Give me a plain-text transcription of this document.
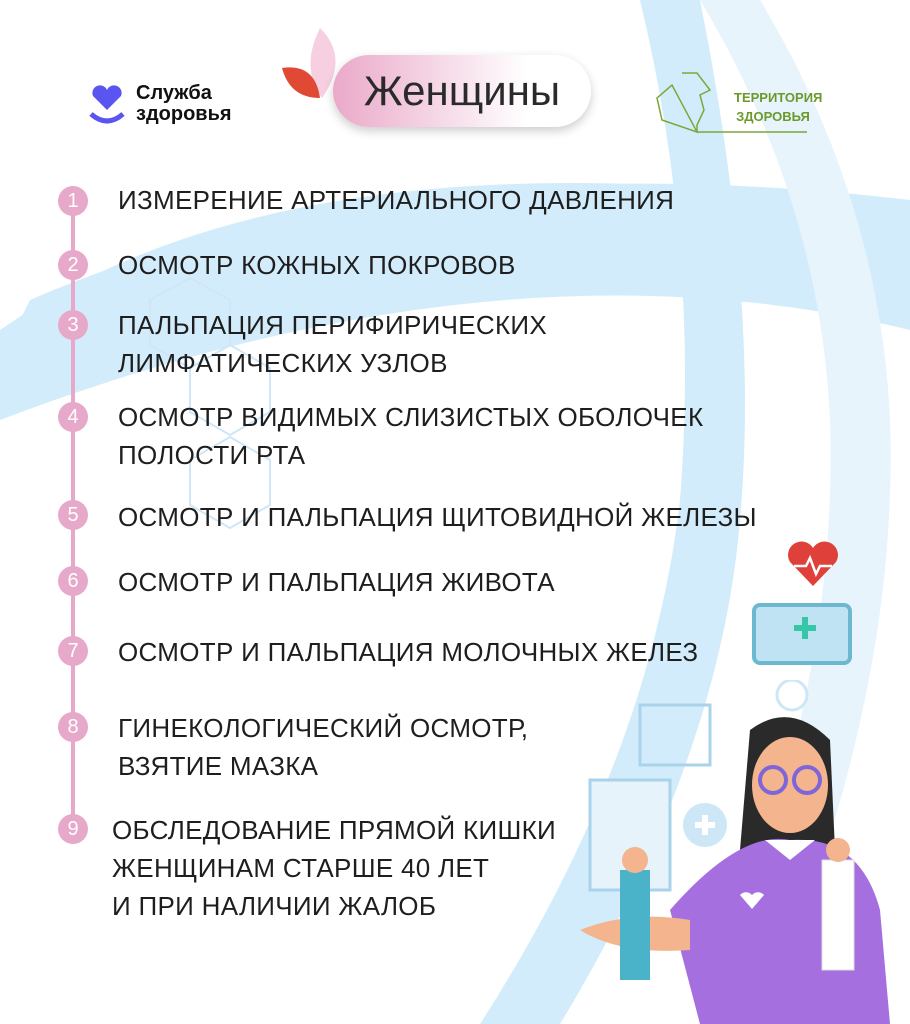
Служба здоровья	Женщины	ТЕРРИТОРИЯ ЗДОРОВЬЯ
1	ИЗМЕРЕНИЕ АРТЕРИАЛЬНОГО ДАВЛЕНИЯ
2	ОСМОТР КОЖНЫХ ПОКРОВОВ
3	ПАЛЬПАЦИЯ ПЕРИФИРИЧЕСКИХ
ЛИМФАТИЧЕСКИХ УЗЛОВ
4	ОСМОТР ВИДИМЫХ СЛИЗИСТЫХ ОБОЛОЧЕК
ПОЛОСТИ РТА
5	ОСМОТР И ПАЛЬПАЦИЯ ЩИТОВИДНОЙ ЖЕЛЕЗЫ
6	ОСМОТР И ПАЛЬПАЦИЯ ЖИВОТА
7	ОСМОТР И ПАЛЬПАЦИЯ МОЛОЧНЫХ ЖЕЛЕЗ
8	ГИНЕКОЛОГИЧЕСКИЙ ОСМОТР,
ВЗЯТИЕ МАЗКА
9	ОБСЛЕДОВАНИЕ ПРЯМОЙ КИШКИ
ЖЕНЩИНАМ СТАРШЕ 40 ЛЕТ
И ПРИ НАЛИЧИИ ЖАЛОБ
